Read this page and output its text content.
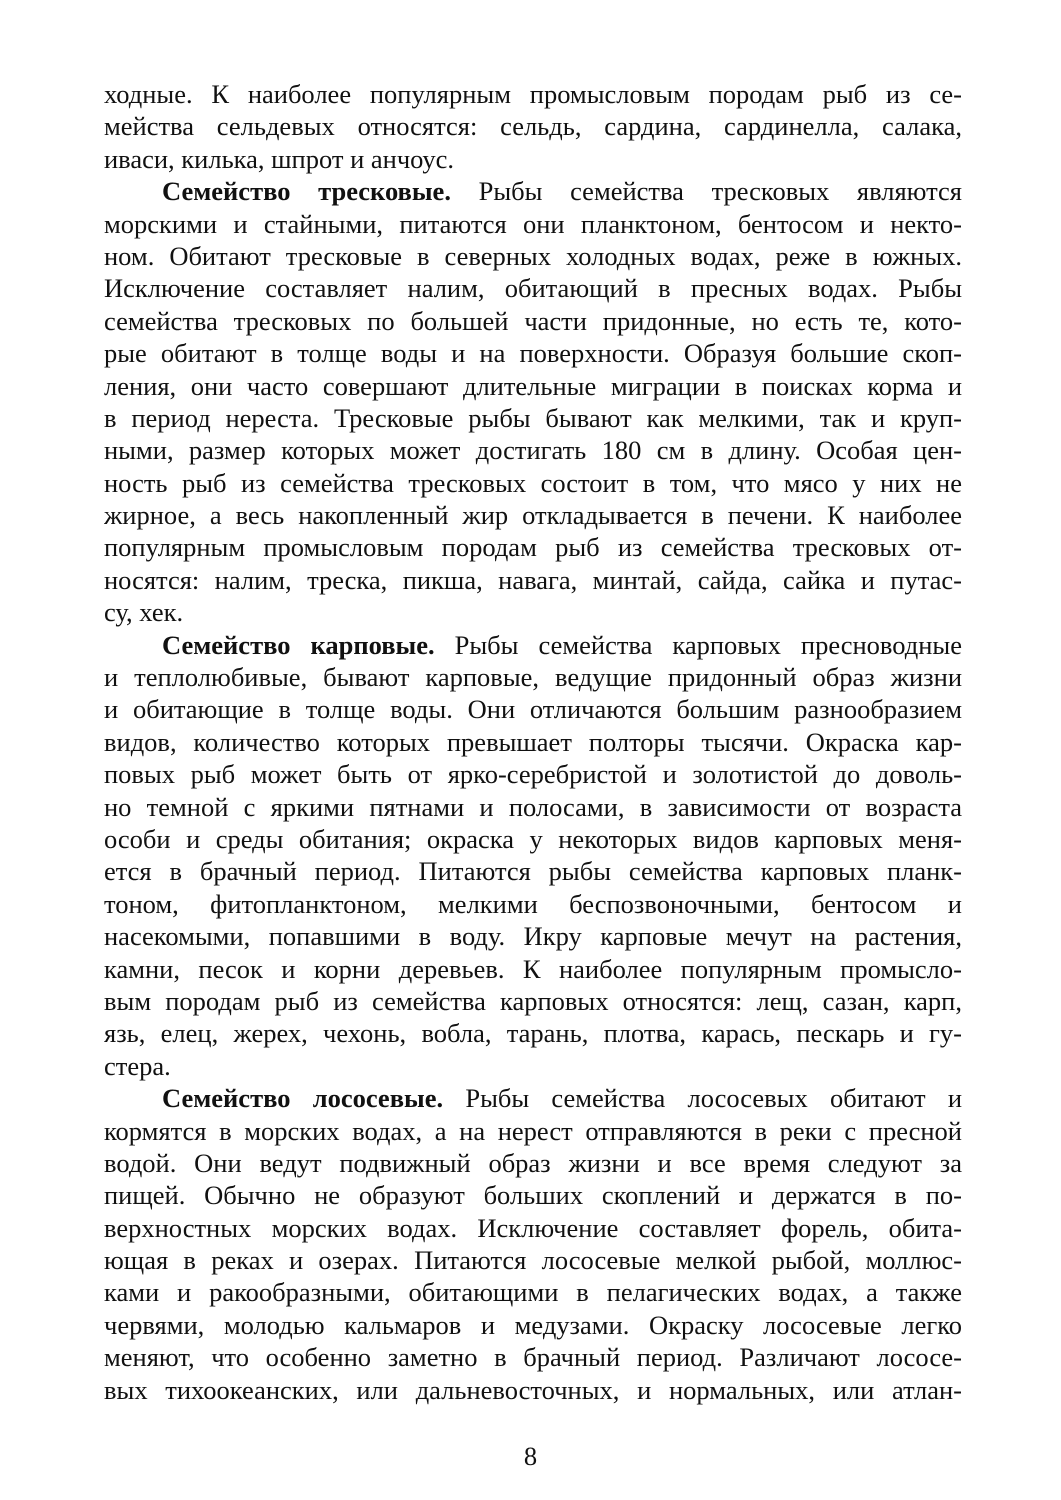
ходные. К наиболее популярным промысловым породам рыб из се-
мейства сельдевых относятся: сельдь, сардина, сардинелла, салака,
иваси, килька, шпрот и анчоус.
Семейство тресковые. Рыбы семейства тресковых являются
морскими и стайными, питаются они планктоном, бентосом и некто-
ном. Обитают тресковые в северных холодных водах, реже в южных.
Исключение составляет налим, обитающий в пресных водах. Рыбы
семейства тресковых по большей части придонные, но есть те, кото-
рые обитают в толще воды и на поверхности. Образуя большие скоп-
ления, они часто совершают длительные миграции в поисках корма и
в период нереста. Тресковые рыбы бывают как мелкими, так и круп-
ными, размер которых может достигать 180 см в длину. Особая цен-
ность рыб из семейства тресковых состоит в том, что мясо у них не
жирное, а весь накопленный жир откладывается в печени. К наиболее
популярным промысловым породам рыб из семейства тресковых от-
носятся: налим, треска, пикша, навага, минтай, сайда, сайка и путас-
су, хек.
Семейство карповые. Рыбы семейства карповых пресноводные
и теплолюбивые, бывают карповые, ведущие придонный образ жизни
и обитающие в толще воды. Они отличаются большим разнообразием
видов, количество которых превышает полторы тысячи. Окраска кар-
повых рыб может быть от ярко-серебристой и золотистой до доволь-
но темной с яркими пятнами и полосами, в зависимости от возраста
особи и среды обитания; окраска у некоторых видов карповых меня-
ется в брачный период. Питаются рыбы семейства карповых планк-
тоном, фитопланктоном, мелкими беспозвоночными, бентосом и
насекомыми, попавшими в воду. Икру карповые мечут на растения,
камни, песок и корни деревьев. К наиболее популярным промысло-
вым породам рыб из семейства карповых относятся: лещ, сазан, карп,
язь, елец, жерех, чехонь, вобла, тарань, плотва, карась, пескарь и гу-
стера.
Семейство лососевые. Рыбы семейства лососевых обитают и
кормятся в морских водах, а на нерест отправляются в реки с пресной
водой. Они ведут подвижный образ жизни и все время следуют за
пищей. Обычно не образуют больших скоплений и держатся в по-
верхностных морских водах. Исключение составляет форель, обита-
ющая в реках и озерах. Питаются лососевые мелкой рыбой, моллюс-
ками и ракообразными, обитающими в пелагических водах, а также
червями, молодью кальмаров и медузами. Окраску лососевые легко
меняют, что особенно заметно в брачный период. Различают лососе-
вых тихоокеанских, или дальневосточных, и нормальных, или атлан-
8
